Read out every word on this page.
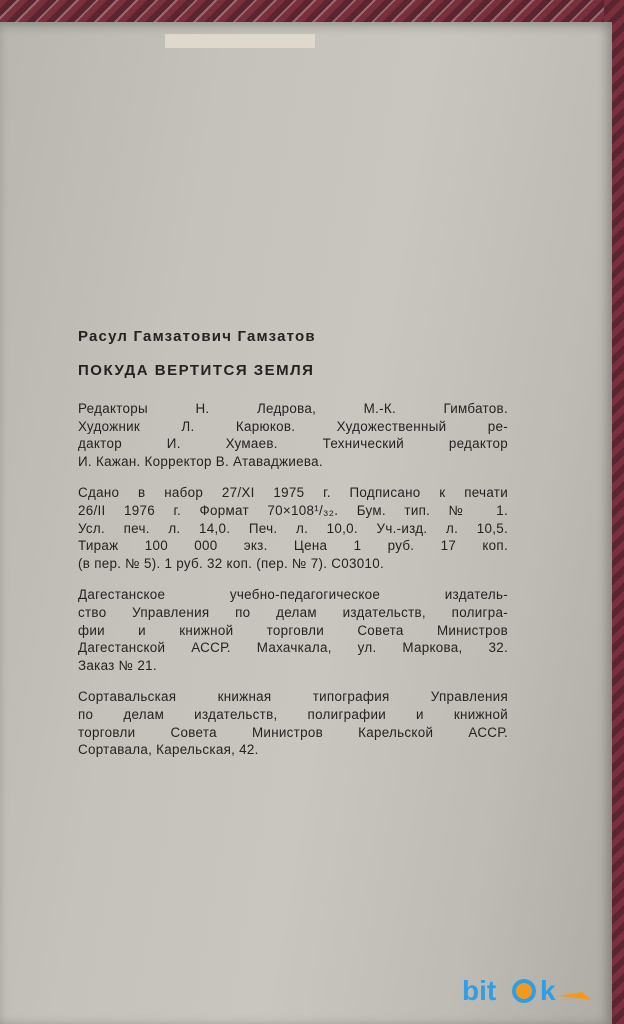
Расул Гамзатович Гамзатов
ПОКУДА ВЕРТИТСЯ ЗЕМЛЯ
Редакторы Н. Ледрова, М.-К. Гимбатов.
Художник Л. Карюков. Художественный ре-
дактор И. Хумаев. Технический редактор
И. Кажан. Корректор В. Атаваджиева.
Сдано в набор 27/XI 1975 г. Подписано к печати
26/II 1976 г. Формат 70×108¹/₃₂. Бум. тип. № 1.
Усл. печ. л. 14,0. Печ. л. 10,0. Уч.-изд. л. 10,5.
Тираж 100 000 экз. Цена 1 руб. 17 коп.
(в пер. № 5). 1 руб. 32 коп. (пер. № 7). С03010.
Дагестанское учебно-педагогическое издатель-
ство Управления по делам издательств, полигра-
фии и книжной торговли Совета Министров
Дагестанской АССР. Махачкала, ул. Маркова, 32.
Заказ № 21.
Сортавальская книжная типография Управления
по делам издательств, полиграфии и книжной
торговли Совета Министров Карельской АССР.
Сортавала, Карельская, 42.
bit k
